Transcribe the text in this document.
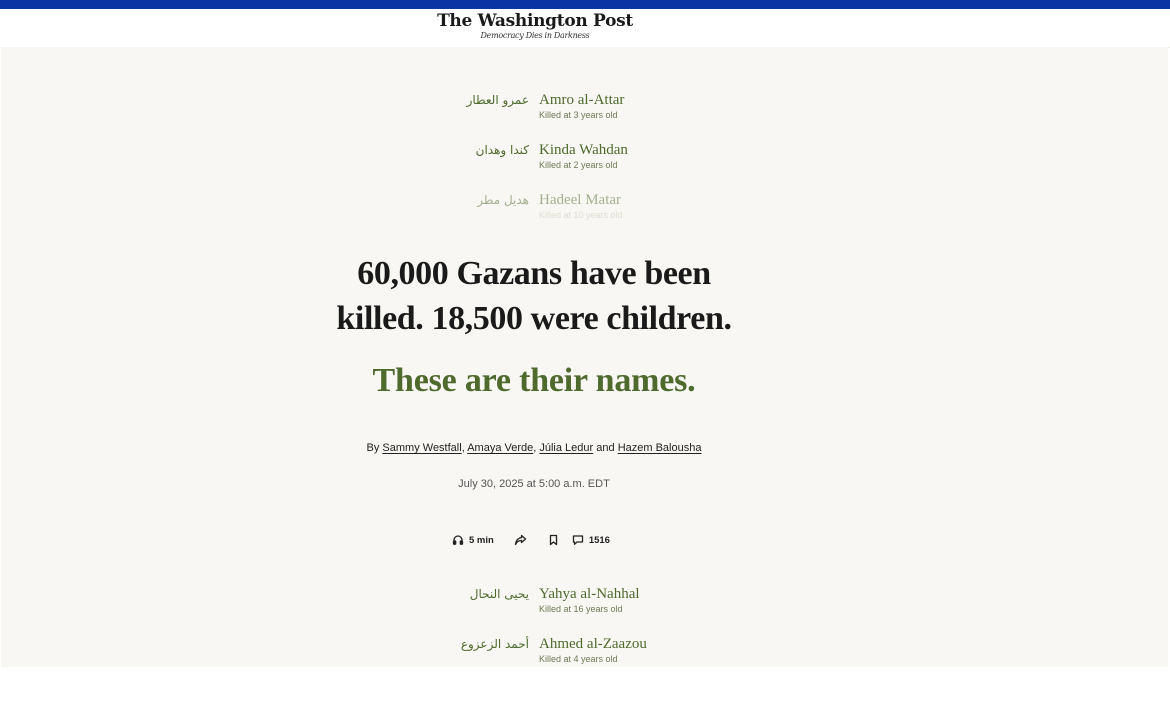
The Washington Post
Democracy Dies in Darkness
عمرو العطار Amro al-Attar
Killed at 3 years old
كندا وهدان Kinda Wahdan
Killed at 2 years old
هديل مطر Hadeel Matar
Killed at 10 years old
60,000 Gazans have been
killed. 18,500 were children.
These are their names.
By Sammy Westfall, Amaya Verde, Júlia Ledur and Hazem Balousha
July 30, 2025 at 5:00 a.m. EDT
5 min	1516
يحيى النحال Yahya al-Nahhal
Killed at 16 years old
أحمد الزعزوع Ahmed al-Zaazou
Killed at 4 years old
